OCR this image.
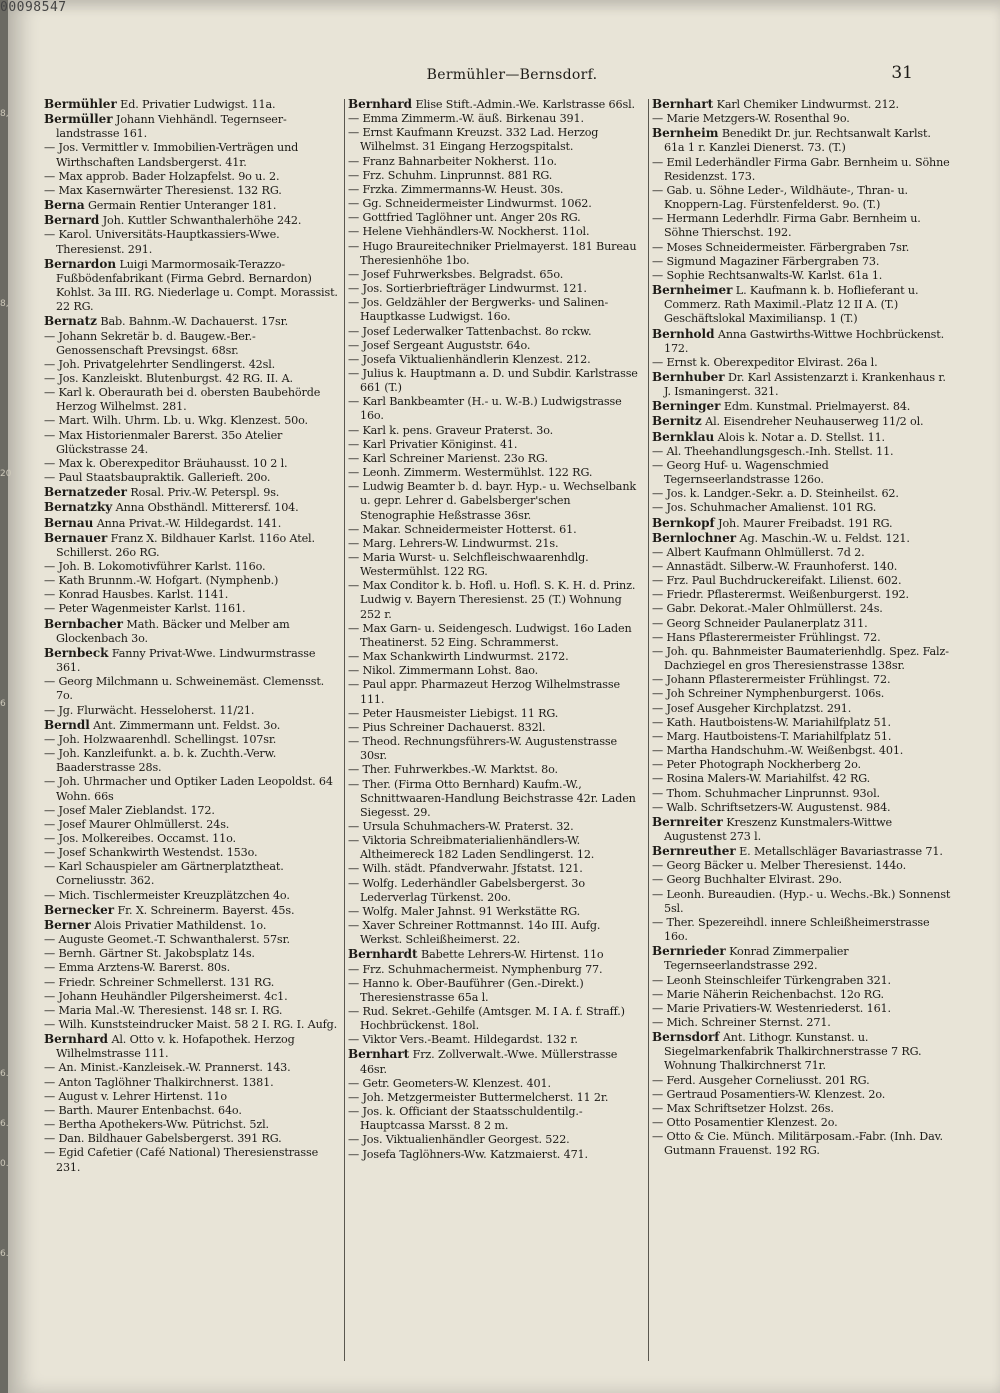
Bermühler—Bernsdorf.	31

Bermühler Ed. Privatier Ludwigst. 11a.

Bermüller Johann Viehhändl. Tegernseer-landstrasse 161.

— Jos. Vermittler v. Immobilien-Verträgen und Wirthschaften Landsbergerst. 41r.

— Max approb. Bader Holzapfelst. 9o u. 2.

— Max Kasernwärter Theresienst. 132 RG.

Berna Germain Rentier Unteranger 181.

Bernard Joh. Kuttler Schwanthalerhöhe 242.

— Karol. Universitäts-Hauptkassiers-Wwe. Theresienst. 291.

Bernardon Luigi Marmormosaik-Terazzo-Fußbödenfabrikant (Firma Gebrd. Bernardon) Kohlst. 3a III. RG. Niederlage u. Compt. Morassist. 22 RG.

Bernatz Bab. Bahnm.-W. Dachauerst. 17sr.

— Johann Sekretär b. d. Baugew.-Ber.-Genossenschaft Prevsingst. 68sr.

— Joh. Privatgelehrter Sendlingerst. 42sl.

— Jos. Kanzleiskt. Blutenburgst. 42 RG. II. A.

— Karl k. Oberaurath bei d. obersten Baubehörde Herzog Wilhelmst. 281.

— Mart. Wilh. Uhrm. Lb. u. Wkg. Klenzest. 50o.

— Max Historienmaler Barerst. 35o Atelier Glückstrasse 24.

— Max k. Oberexpeditor Bräuhausst. 10 2 l.

— Paul Staatsbaupraktik. Gallerieft. 20o.

Bernatzeder Rosal. Priv.-W. Peterspl. 9s.

Bernatzky Anna Obsthändl. Mitterersf. 104.

Bernau Anna Privat.-W. Hildegardst. 141.

Bernauer Franz X. Bildhauer Karlst. 116o Atel. Schillerst. 26o RG.

— Joh. B. Lokomotivführer Karlst. 116o.

— Kath Brunnm.-W. Hofgart. (Nymphenb.)

— Konrad Hausbes. Karlst. 1141.

— Peter Wagenmeister Karlst. 1161.

Bernbacher Math. Bäcker und Melber am Glockenbach 3o.

Bernbeck Fanny Privat-Wwe. Lindwurmstrasse 361.

— Georg Milchmann u. Schweinemäst. Clemensst. 7o.

— Jg. Flurwächt. Hesseloherst. 11/21.

Berndl Ant. Zimmermann unt. Feldst. 3o.

— Joh. Holzwaarenhdl. Schellingst. 107sr.

— Joh. Kanzleifunkt. a. b. k. Zuchth.-Verw. Baaderstrasse 28s.

— Joh. Uhrmacher und Optiker Laden Leopoldst. 64 Wohn. 66s

— Josef Maler Zieblandst. 172.

— Josef Maurer Ohlmüllerst. 24s.

— Jos. Molkereibes. Occamst. 11o.

— Josef Schankwirth Westendst. 153o.

— Karl Schauspieler am Gärtnerplatztheat. Corneliusstr. 362.

— Mich. Tischlermeister Kreuzplätzchen 4o.

Bernecker Fr. X. Schreinerm. Bayerst. 45s.

Berner Alois Privatier Mathildenst. 1o.

— Auguste Geomet.-T. Schwanthalerst. 57sr.

— Bernh. Gärtner St. Jakobsplatz 14s.

— Emma Arztens-W. Barerst. 80s.

— Friedr. Schreiner Schmellerst. 131 RG.

— Johann Heuhändler Pilgersheimerst. 4c1.

— Maria Mal.-W. Theresienst. 148 sr. I. RG.

— Wilh. Kunststeindrucker Maist. 58 2 I. RG. I. Aufg.

Bernhard Al. Otto v. k. Hofapothek. Herzog Wilhelmstrasse 111.

— An. Minist.-Kanzleisek.-W. Prannerst. 143.

— Anton Taglöhner Thalkirchnerst. 1381.

— August v. Lehrer Hirtenst. 11o

— Barth. Maurer Entenbachst. 64o.

— Bertha Apothekers-Ww. Pütrichst. 5zl.

— Dan. Bildhauer Gabelsbergerst. 391 RG.

— Egid Cafetier (Café National) Theresienstrasse 231.

Bernhard Elise Stift.-Admin.-We. Karlstrasse 66sl.

— Emma Zimmerm.-W. äuß. Birkenau 391.

— Ernst Kaufmann Kreuzst. 332 Lad. Herzog Wilhelmst. 31 Eingang Herzogspitalst.

— Franz Bahnarbeiter Nokherst. 11o.

— Frz. Schuhm. Linprunnst. 881 RG.

— Frzka. Zimmermanns-W. Heust. 30s.

— Gg. Schneidermeister Lindwurmst. 1062.

— Gottfried Taglöhner unt. Anger 20s RG.

— Helene Viehhändlers-W. Nockherst. 11ol.

— Hugo Braureitechniker Prielmayerst. 181 Bureau Theresienhöhe 1bo.

— Josef Fuhrwerksbes. Belgradst. 65o.

— Jos. Sortierbriefträger Lindwurmst. 121.

— Jos. Geldzähler der Bergwerks- und Salinen-Hauptkasse Ludwigst. 16o.

— Josef Lederwalker Tattenbachst. 8o rckw.

— Josef Sergeant Auguststr. 64o.

— Josefa Viktualienhändlerin Klenzest. 212.

— Julius k. Hauptmann a. D. und Subdir. Karlstrasse 661 (T.)

— Karl Bankbeamter (H.- u. W.-B.) Ludwigstrasse 16o.

— Karl k. pens. Graveur Praterst. 3o.

— Karl Privatier Königinst. 41.

— Karl Schreiner Marienst. 23o RG.

— Leonh. Zimmerm. Westermühlst. 122 RG.

— Ludwig Beamter b. d. bayr. Hyp.- u. Wechselbank u. gepr. Lehrer d. Gabelsberger'schen Stenographie Heßstrasse 36sr.

— Makar. Schneidermeister Hotterst. 61.

— Marg. Lehrers-W. Lindwurmst. 21s.

— Maria Wurst- u. Selchfleischwaarenhdlg. Westermühlst. 122 RG.

— Max Conditor k. b. Hofl. u. Hofl. S. K. H. d. Prinz. Ludwig v. Bayern Theresienst. 25 (T.) Wohnung 252 r.

— Max Garn- u. Seidengesch. Ludwigst. 16o Laden Theatinerst. 52 Eing. Schrammerst.

— Max Schankwirth Lindwurmst. 2172.

— Nikol. Zimmermann Lohst. 8ao.

— Paul appr. Pharmazeut Herzog Wilhelmstrasse 111.

— Peter Hausmeister Liebigst. 11 RG.

— Pius Schreiner Dachauerst. 832l.

— Theod. Rechnungsführers-W. Augustenstrasse 30sr.

— Ther. Fuhrwerkbes.-W. Marktst. 8o.

— Ther. (Firma Otto Bernhard) Kaufm.-W., Schnittwaaren-Handlung Beichstrasse 42r. Laden Siegesst. 29.

— Ursula Schuhmachers-W. Praterst. 32.

— Viktoria Schreibmaterialienhändlers-W. Altheimereck 182 Laden Sendlingerst. 12.

— Wilh. städt. Pfandverwahr. Jfstatst. 121.

— Wolfg. Lederhändler Gabelsbergerst. 3o Lederverlag Türkenst. 20o.

— Wolfg. Maler Jahnst. 91 Werkstätte RG.

— Xaver Schreiner Rottmannst. 14o III. Aufg. Werkst. Schleißheimerst. 22.

Bernhardt Babette Lehrers-W. Hirtenst. 11o

— Frz. Schuhmachermeist. Nymphenburg 77.

— Hanno k. Ober-Bauführer (Gen.-Direkt.) Theresienstrasse 65a l.

— Rud. Sekret.-Gehilfe (Amtsger. M. I A. f. Straff.) Hochbrückenst. 18ol.

— Viktor Vers.-Beamt. Hildegardst. 132 r.

Bernhart Frz. Zollverwalt.-Wwe. Müllerstrasse 46sr.

— Getr. Geometers-W. Klenzest. 401.

— Joh. Metzgermeister Buttermelcherst. 11 2r.

— Jos. k. Officiant der Staatsschuldentilg.-Hauptcassa Marsst. 8 2 m.

— Jos. Viktualienhändler Georgest. 522.

— Josefa Taglöhners-Ww. Katzmaierst. 471.

Bernhart Karl Chemiker Lindwurmst. 212.

— Marie Metzgers-W. Rosenthal 9o.

Bernheim Benedikt Dr. jur. Rechtsanwalt Karlst. 61a 1 r. Kanzlei Dienerst. 73. (T.)

— Emil Lederhändler Firma Gabr. Bernheim u. Söhne Residenzst. 173.

— Gab. u. Söhne Leder-, Wildhäute-, Thran- u. Knoppern-Lag. Fürstenfelderst. 9o. (T.)

— Hermann Lederhdlr. Firma Gabr. Bernheim u. Söhne Thierschst. 192.

— Moses Schneidermeister. Färbergraben 7sr.

— Sigmund Magaziner Färbergraben 73.

— Sophie Rechtsanwalts-W. Karlst. 61a 1.

Bernheimer L. Kaufmann k. b. Hoflieferant u. Commerz. Rath Maximil.-Platz 12 II A. (T.) Geschäftslokal Maximiliansp. 1 (T.)

Bernhold Anna Gastwirths-Wittwe Hochbrückenst. 172.

— Ernst k. Oberexpeditor Elvirast. 26a l.

Bernhuber Dr. Karl Assistenzarzt i. Krankenhaus r. J. Ismaningerst. 321.

Berninger Edm. Kunstmal. Prielmayerst. 84.

Bernitz Al. Eisendreher Neuhauserweg 11/2 ol.

Bernklau Alois k. Notar a. D. Stellst. 11.

— Al. Theehandlungsgesch.-Inh. Stellst. 11.

— Georg Huf- u. Wagenschmied Tegernseerlandstrasse 126o.

— Jos. k. Landger.-Sekr. a. D. Steinheilst. 62.

— Jos. Schuhmacher Amalienst. 101 RG.

Bernkopf Joh. Maurer Freibadst. 191 RG.

Bernlochner Ag. Maschin.-W. u. Feldst. 121.

— Albert Kaufmann Ohlmüllerst. 7d 2.

— Annastädt. Silberw.-W. Fraunhoferst. 140.

— Frz. Paul Buchdruckereifakt. Lilienst. 602.

— Friedr. Pflasterermst. Weißenburgerst. 192.

— Gabr. Dekorat.-Maler Ohlmüllerst. 24s.

— Georg Schneider Paulanerplatz 311.

— Hans Pflasterermeister Frühlingst. 72.

— Joh. qu. Bahnmeister Baumaterienhdlg. Spez. Falz-Dachziegel en gros Theresienstrasse 138sr.

— Johann Pflasterermeister Frühlingst. 72.

— Joh Schreiner Nymphenburgerst. 106s.

— Josef Ausgeher Kirchplatzst. 291.

— Kath. Hautboistens-W. Mariahilfplatz 51.

— Marg. Hautboistens-T. Mariahilfplatz 51.

— Martha Handschuhm.-W. Weißenbgst. 401.

— Peter Photograph Nockherberg 2o.

— Rosina Malers-W. Mariahilfst. 42 RG.

— Thom. Schuhmacher Linprunnst. 93ol.

— Walb. Schriftsetzers-W. Augustenst. 984.

Bernreiter Kreszenz Kunstmalers-Wittwe Augustenst 273 l.

Bernreuther E. Metallschläger Bavariastrasse 71.

— Georg Bäcker u. Melber Theresienst. 144o.

— Georg Buchhalter Elvirast. 29o.

— Leonh. Bureaudien. (Hyp.- u. Wechs.-Bk.) Sonnenst 5sl.

— Ther. Spezereihdl. innere Schleißheimerstrasse 16o.

Bernrieder Konrad Zimmerpalier Tegernseerlandstrasse 292.

— Leonh Steinschleifer Türkengraben 321.

— Marie Näherin Reichenbachst. 12o RG.

— Marie Privatiers-W. Westenriederst. 161.

— Mich. Schreiner Sternst. 271.

Bernsdorf Ant. Lithogr. Kunstanst. u. Siegelmarkenfabrik Thalkirchnerstrasse 7 RG. Wohnung Thalkirchnerst 71r.

— Ferd. Ausgeher Corneliusst. 201 RG.

— Gertraud Posamentiers-W. Klenzest. 2o.

— Max Schriftsetzer Holzst. 26s.

— Otto Posamentier Klenzest. 2o.

— Otto & Cie. Münch. Militärposam.-Fabr. (Inh. Dav. Gutmann Frauenst. 192 RG.

00098547
8,
8,
20
6
6.
6.
0.
6.
